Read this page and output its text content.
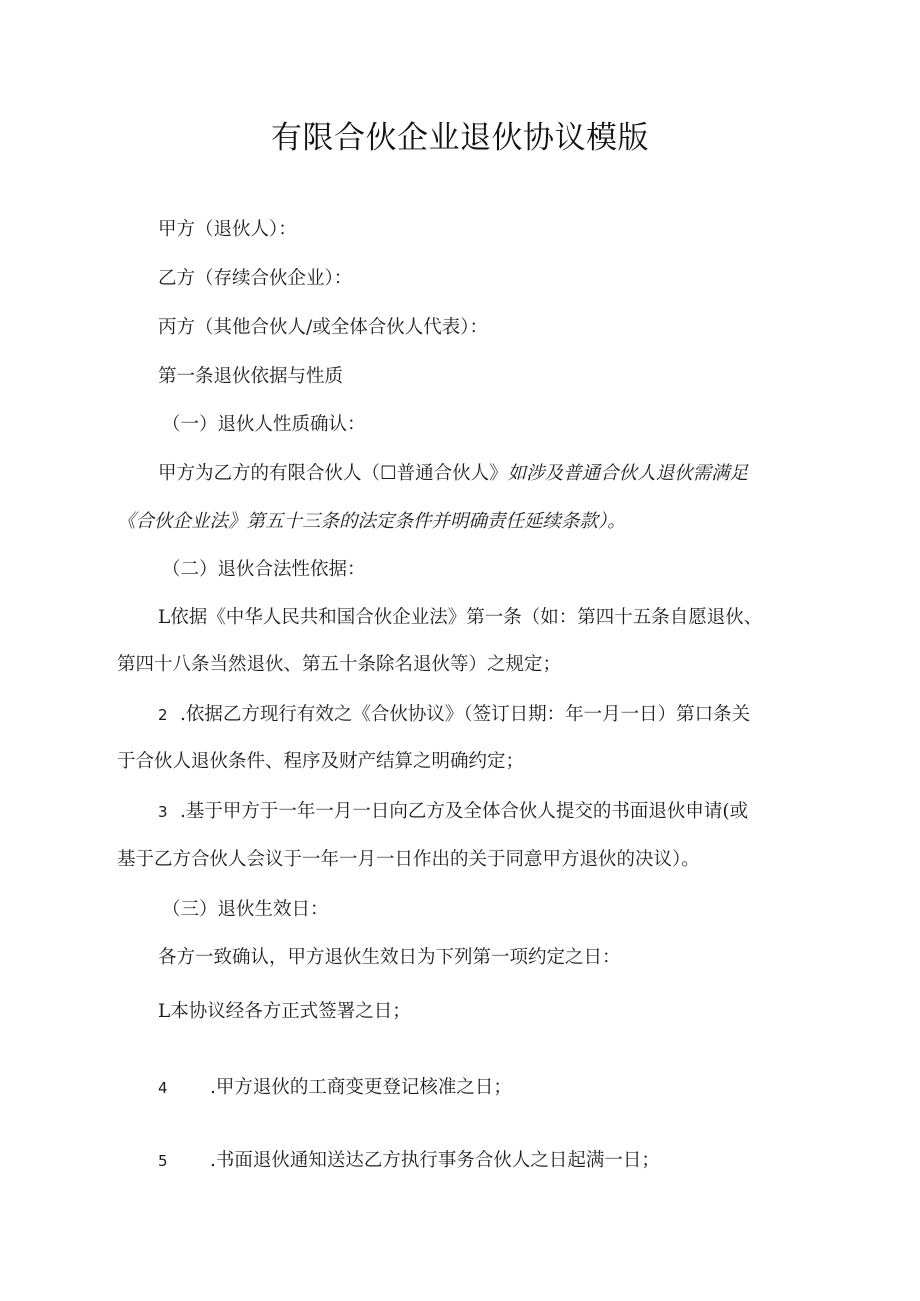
有限合伙企业退伙协议模版
甲方（退伙人）：
乙方（存续合伙企业）：
丙方（其他合伙人/或全体合伙人代表）：
第一条退伙依据与性质
（一）退伙人性质确认：
甲方为乙方的有限合伙人（☐普通合伙人》如涉及普通合伙人退伙需满足
《合伙企业法》第五十三条的法定条件并明确责任延续条款）。
（二）退伙合法性依据：
L依据《中华人民共和国合伙企业法》第一条（如：第四十五条自愿退伙、
第四十八条当然退伙、第五十条除名退伙等）之规定；
2 .依据乙方现行有效之《合伙协议》（签订日期：年一月一日）第口条关
于合伙人退伙条件、程序及财产结算之明确约定；
3 .基于甲方于一年一月一日向乙方及全体合伙人提交的书面退伙申请(或
基于乙方合伙人会议于一年一月一日作出的关于同意甲方退伙的决议）。
（三）退伙生效日：
各方一致确认，甲方退伙生效日为下列第一项约定之日：
L本协议经各方正式签署之日；
4 .甲方退伙的工商变更登记核准之日；
5 .书面退伙通知送达乙方执行事务合伙人之日起满一日；
